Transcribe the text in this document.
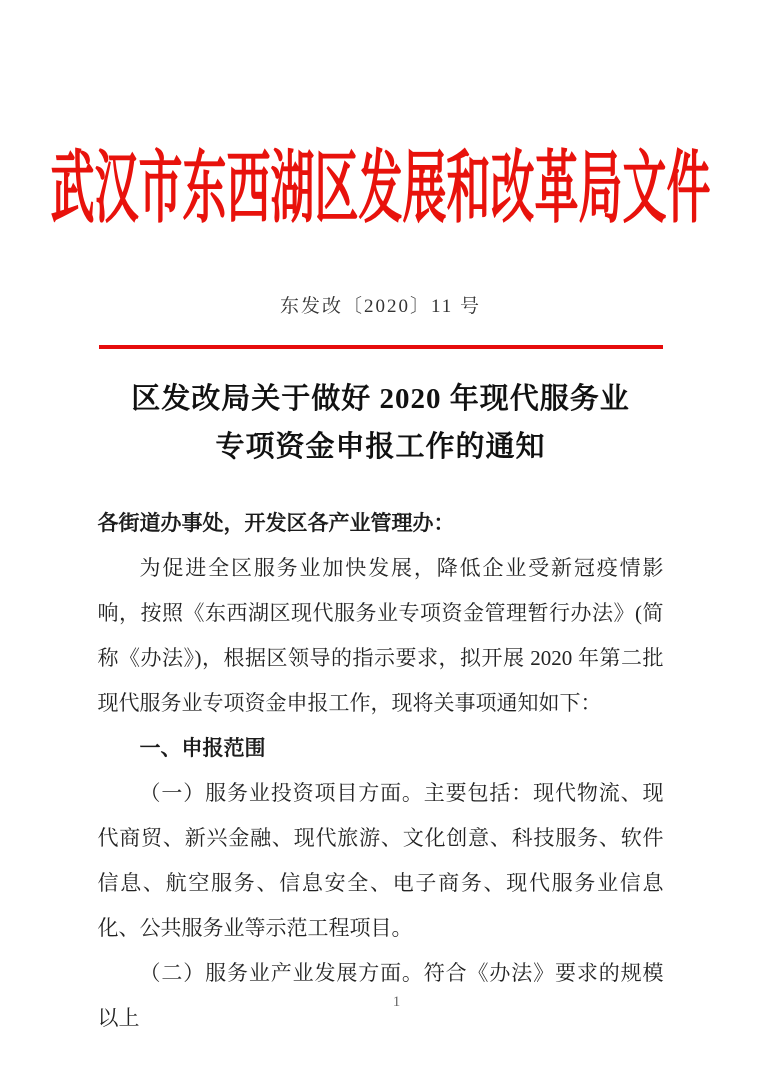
武汉市东西湖区发展和改革局文件
东发改〔2020〕11 号
区发改局关于做好 2020 年现代服务业
专项资金申报工作的通知

各街道办事处，开发区各产业管理办：

为促进全区服务业加快发展，降低企业受新冠疫情影响，按照《东西湖区现代服务业专项资金管理暂行办法》(简称《办法》)，根据区领导的指示要求，拟开展 2020 年第二批现代服务业专项资金申报工作，现将关事项通知如下：

一、申报范围

（一）服务业投资项目方面。主要包括：现代物流、现代商贸、新兴金融、现代旅游、文化创意、科技服务、软件信息、航空服务、信息安全、电子商务、现代服务业信息化、公共服务业等示范工程项目。

（二）服务业产业发展方面。符合《办法》要求的规模以上

1
